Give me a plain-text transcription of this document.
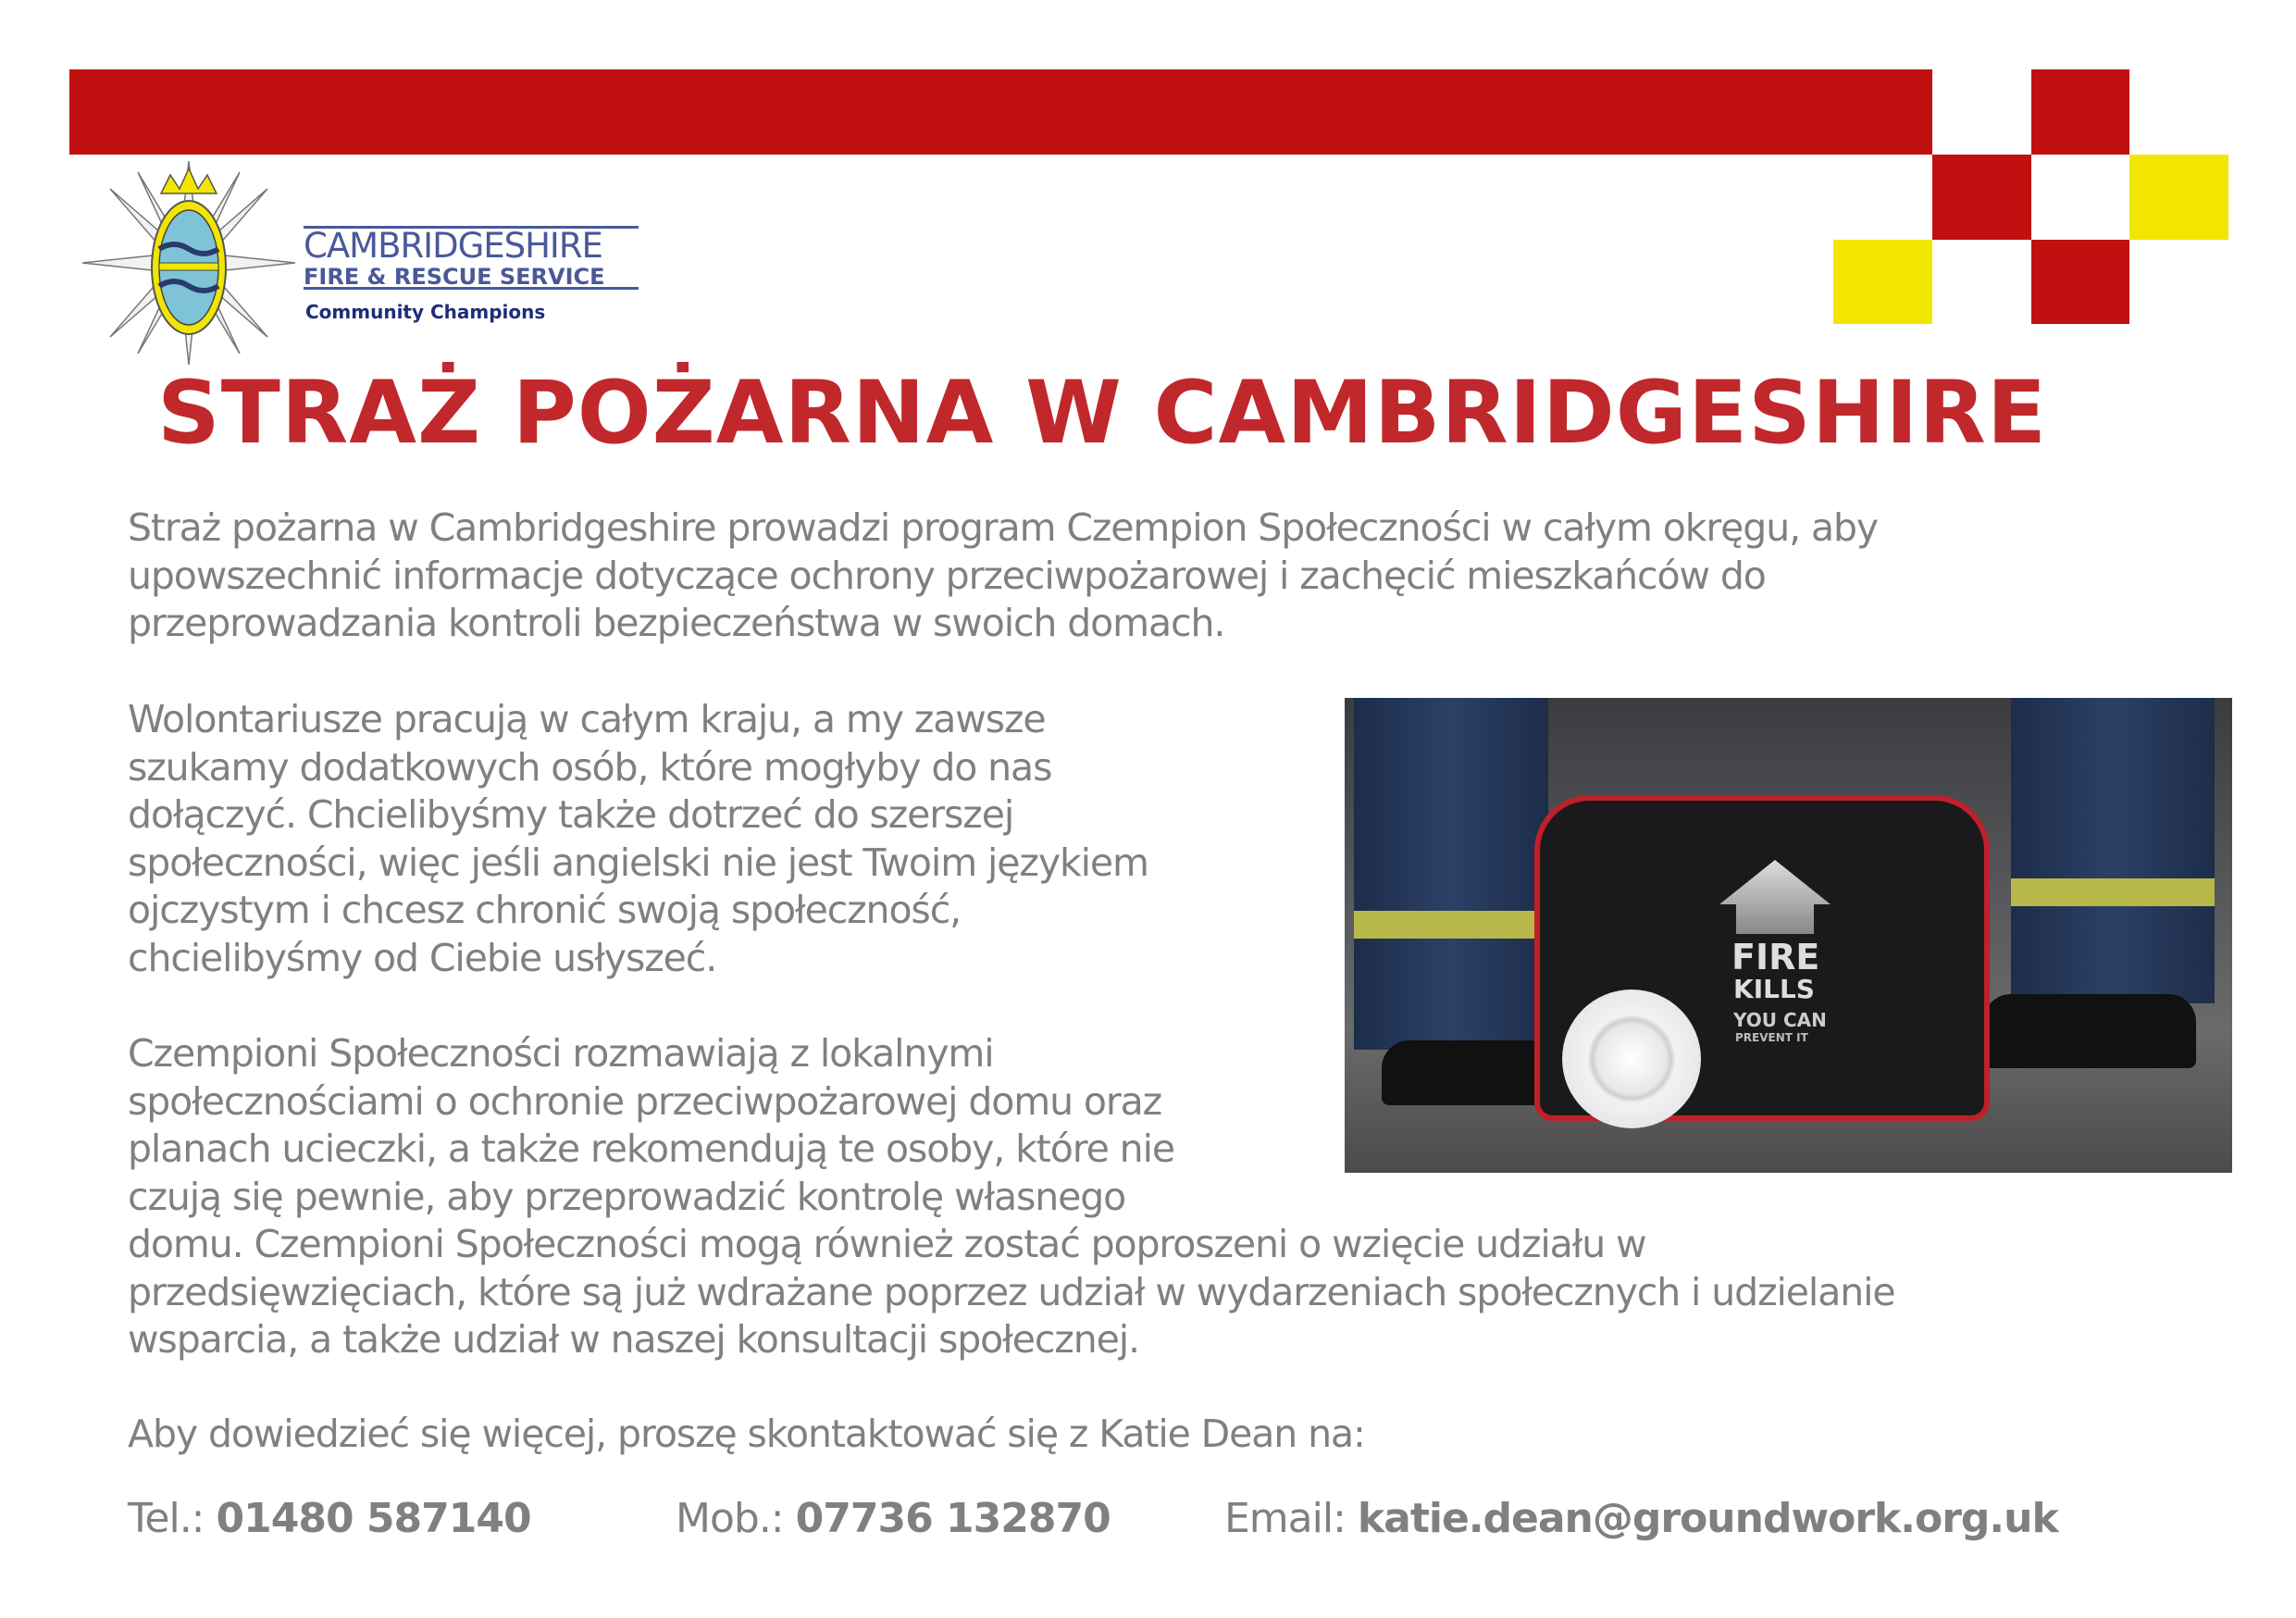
CAMBRIDGESHIRE
FIRE & RESCUE SERVICE
Community Champions
STRAŻ POŻARNA W CAMBRIDGESHIRE
Straż pożarna w Cambridgeshire prowadzi program Czempion Społeczności w całym okręgu, aby
upowszechnić informacje dotyczące ochrony przeciwpożarowej i zachęcić mieszkańców do
przeprowadzania kontroli bezpieczeństwa w swoich domach.
Wolontariusze pracują w całym kraju, a my zawsze
szukamy dodatkowych osób, które mogłyby do nas
dołączyć. Chcielibyśmy także dotrzeć do szerszej
społeczności, więc jeśli angielski nie jest Twoim językiem
ojczystym i chcesz chronić swoją społeczność,
chcielibyśmy od Ciebie usłyszeć.
Czempioni Społeczności rozmawiają z lokalnymi
społecznościami o ochronie przeciwpożarowej domu oraz
planach ucieczki, a także rekomendują te osoby, które nie
czują się pewnie, aby przeprowadzić kontrolę własnego
domu. Czempioni Społeczności mogą również zostać poproszeni o wzięcie udziału w
przedsięwzięciach, które są już wdrażane poprzez udział w wydarzeniach społecznych i udzielanie
wsparcia, a także udział w naszej konsultacji społecznej.
Aby dowiedzieć się więcej, proszę skontaktować się z Katie Dean na:
Tel.: 01480 587140	Mob.: 07736 132870	Email: katie.dean@groundwork.org.uk
FIRE
KILLS
YOU CAN
PREVENT IT
